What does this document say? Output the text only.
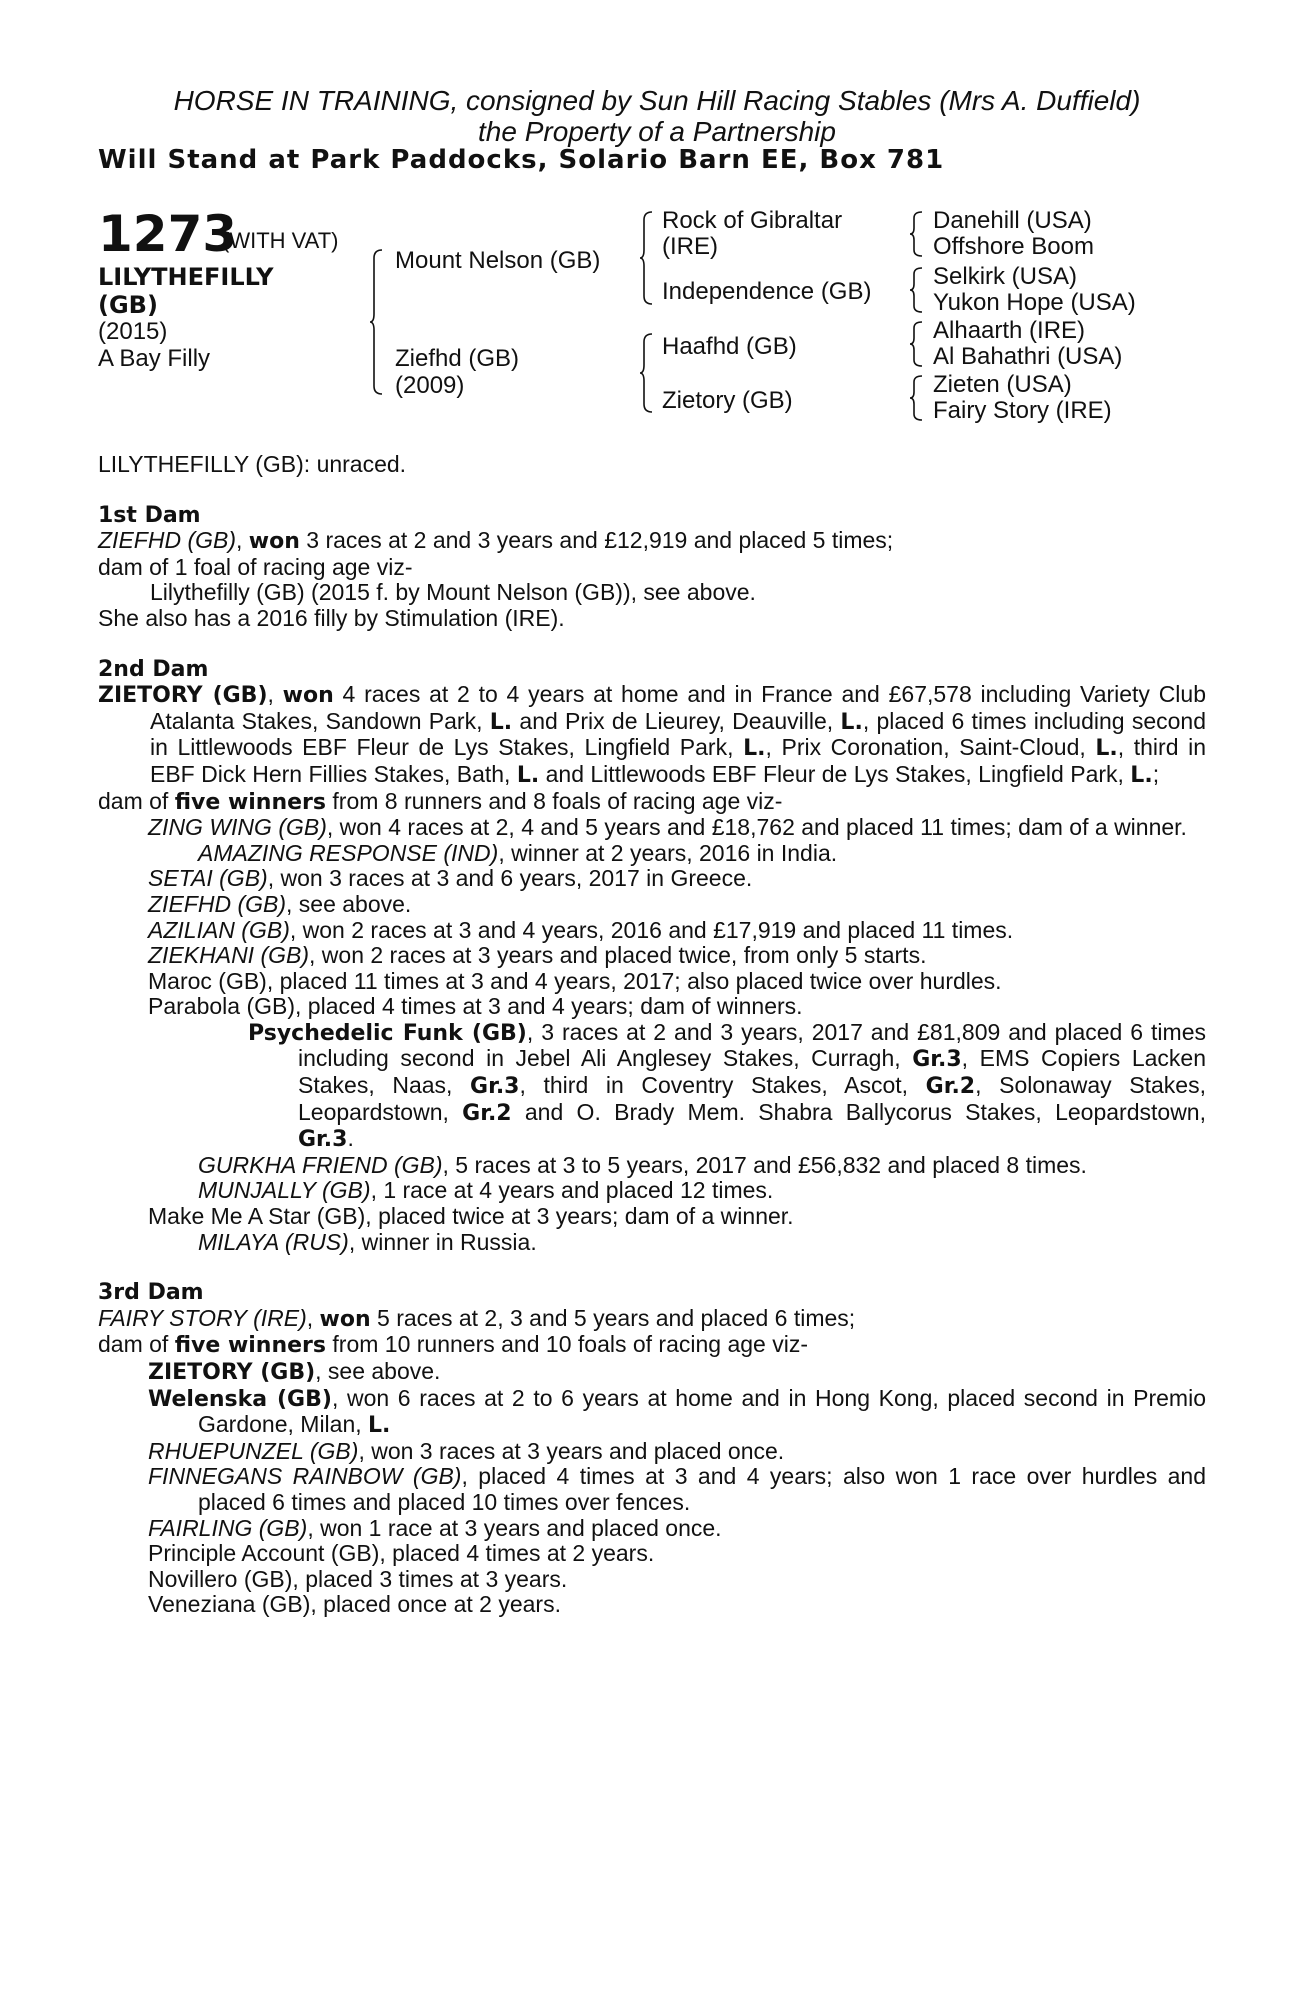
HORSE IN TRAINING, consigned by Sun Hill Racing Stables (Mrs A. Duffield)
the Property of a Partnership
Will Stand at Park Paddocks, Solario Barn EE, Box 781
1273
(WITH VAT)
LILYTHEFILLY
(GB)
(2015)
A Bay Filly
Mount Nelson (GB)
Ziefhd (GB)
(2009)
Rock of Gibraltar
(IRE)
Independence (GB)
Haafhd (GB)
Zietory (GB)
Danehill (USA)
Offshore Boom
Selkirk (USA)
Yukon Hope (USA)
Alhaarth (IRE)
Al Bahathri (USA)
Zieten (USA)
Fairy Story (IRE)

LILYTHEFILLY (GB): unraced.

1st Dam

ZIEFHD (GB), won 3 races at 2 and 3 years and £12,919 and placed 5 times;

dam of 1 foal of racing age viz-

Lilythefilly (GB) (2015 f. by Mount Nelson (GB)), see above.

She also has a 2016 filly by Stimulation (IRE).

2nd Dam

ZIETORY (GB), won 4 races at 2 to 4 years at home and in France and £67,578 including Variety Club Atalanta Stakes, Sandown Park, L. and Prix de Lieurey, Deauville, L., placed 6 times including second in Littlewoods EBF Fleur de Lys Stakes, Lingfield Park, L., Prix Coronation, Saint-Cloud, L., third in EBF Dick Hern Fillies Stakes, Bath, L. and Littlewoods EBF Fleur de Lys Stakes, Lingfield Park, L.;

dam of five winners from 8 runners and 8 foals of racing age viz-

ZING WING (GB), won 4 races at 2, 4 and 5 years and £18,762 and placed 11 times; dam of a winner.

AMAZING RESPONSE (IND), winner at 2 years, 2016 in India.

SETAI (GB), won 3 races at 3 and 6 years, 2017 in Greece.

ZIEFHD (GB), see above.

AZILIAN (GB), won 2 races at 3 and 4 years, 2016 and £17,919 and placed 11 times.

ZIEKHANI (GB), won 2 races at 3 years and placed twice, from only 5 starts.

Maroc (GB), placed 11 times at 3 and 4 years, 2017; also placed twice over hurdles.

Parabola (GB), placed 4 times at 3 and 4 years; dam of winners.

Psychedelic Funk (GB), 3 races at 2 and 3 years, 2017 and £81,809 and placed 6 times including second in Jebel Ali Anglesey Stakes, Curragh, Gr.3, EMS Copiers Lacken Stakes, Naas, Gr.3, third in Coventry Stakes, Ascot, Gr.2, Solonaway Stakes, Leopardstown, Gr.2 and O. Brady Mem. Shabra Ballycorus Stakes, Leopardstown, Gr.3.

GURKHA FRIEND (GB), 5 races at 3 to 5 years, 2017 and £56,832 and placed 8 times.

MUNJALLY (GB), 1 race at 4 years and placed 12 times.

Make Me A Star (GB), placed twice at 3 years; dam of a winner.

MILAYA (RUS), winner in Russia.

3rd Dam

FAIRY STORY (IRE), won 5 races at 2, 3 and 5 years and placed 6 times;

dam of five winners from 10 runners and 10 foals of racing age viz-

ZIETORY (GB), see above.

Welenska (GB), won 6 races at 2 to 6 years at home and in Hong Kong, placed second in Premio Gardone, Milan, L.

RHUEPUNZEL (GB), won 3 races at 3 years and placed once.

FINNEGANS RAINBOW (GB), placed 4 times at 3 and 4 years; also won 1 race over hurdles and placed 6 times and placed 10 times over fences.

FAIRLING (GB), won 1 race at 3 years and placed once.

Principle Account (GB), placed 4 times at 2 years.

Novillero (GB), placed 3 times at 3 years.

Veneziana (GB), placed once at 2 years.
